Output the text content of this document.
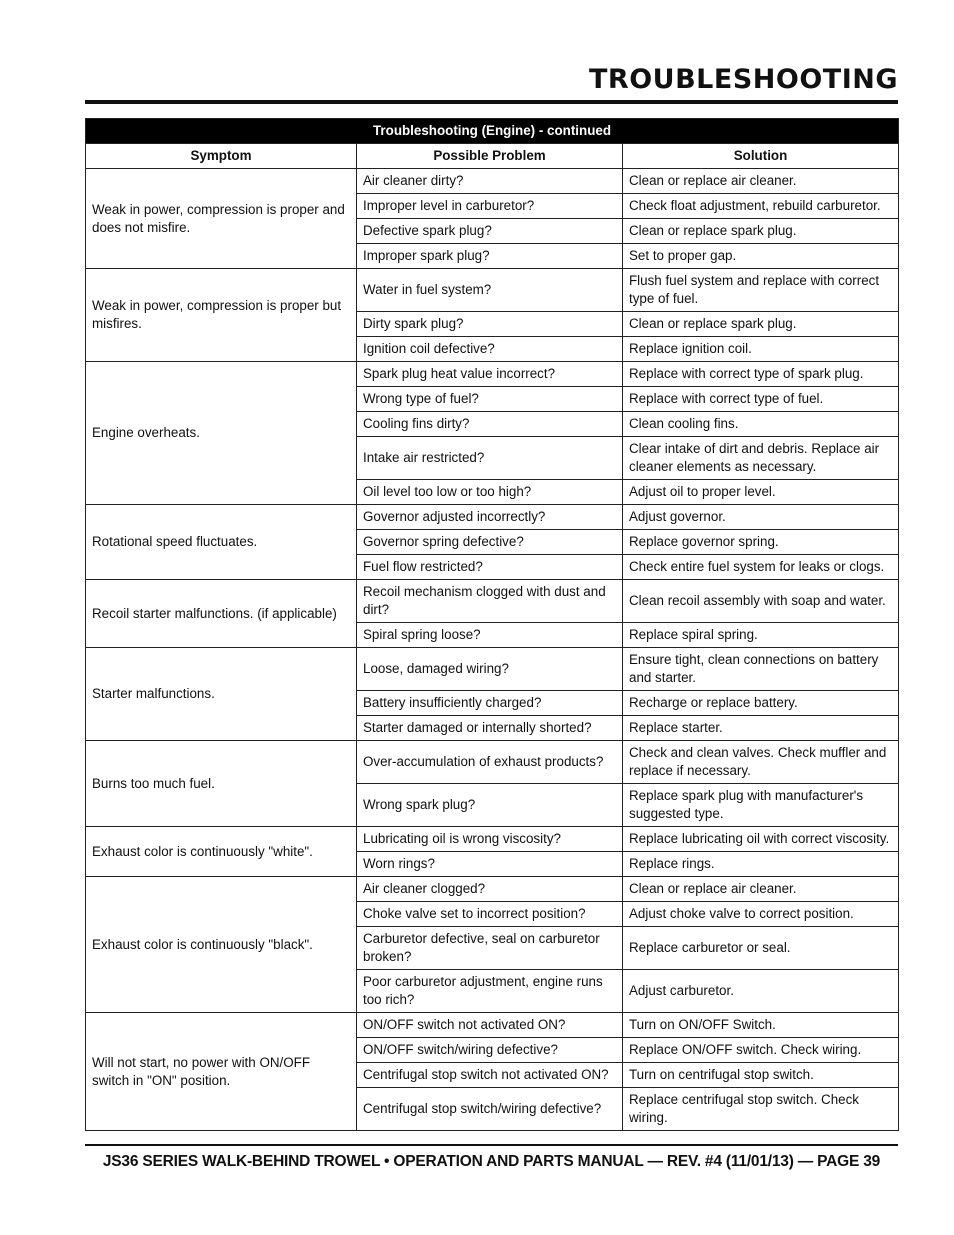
TROUBLESHOOTING
Troubleshooting (Engine) - continued		
Symptom	Possible Problem	Solution
Weak in power, compression is proper and does not misfire.	Air cleaner dirty?	Clean or replace air cleaner.
	Improper level in carburetor?	Check float adjustment, rebuild carburetor.
	Defective spark plug?	Clean or replace spark plug.
	Improper spark plug?	Set to proper gap.
Weak in power, compression is proper but misfires.	Water in fuel system?	Flush fuel system and replace with correct type of fuel.
	Dirty spark plug?	Clean or replace spark plug.
	Ignition coil defective?	Replace ignition coil.
Engine overheats.	Spark plug heat value incorrect?	Replace with correct type of spark plug.
	Wrong type of fuel?	Replace with correct type of fuel.
	Cooling fins dirty?	Clean cooling fins.
	Intake air restricted?	Clear intake of dirt and debris. Replace air cleaner elements as necessary.
	Oil level too low or too high?	Adjust oil to proper level.
Rotational speed fluctuates.	Governor adjusted incorrectly?	Adjust governor.
	Governor spring defective?	Replace governor spring.
	Fuel flow restricted?	Check entire fuel system for leaks or clogs.
Recoil starter malfunctions. (if applicable)	Recoil mechanism clogged with dust and dirt?	Clean recoil assembly with soap and water.
	Spiral spring loose?	Replace spiral spring.
Starter malfunctions.	Loose, damaged wiring?	Ensure tight, clean connections on battery and starter.
	Battery insufficiently charged?	Recharge or replace battery.
	Starter damaged or internally shorted?	Replace starter.
Burns too much fuel.	Over-accumulation of exhaust products?	Check and clean valves. Check muffler and replace if necessary.
	Wrong spark plug?	Replace spark plug with manufacturer's suggested type.
Exhaust color is continuously "white".	Lubricating oil is wrong viscosity?	Replace lubricating oil with correct viscosity.
	Worn rings?	Replace rings.
Exhaust color is continuously "black".	Air cleaner clogged?	Clean or replace air cleaner.
	Choke valve set to incorrect position?	Adjust choke valve to correct position.
	Carburetor defective, seal on carburetor broken?	Replace carburetor or seal.
	Poor carburetor adjustment, engine runs too rich?	Adjust carburetor.
Will not start, no power with ON/OFF switch in "ON" position.	ON/OFF switch not activated ON?	Turn on ON/OFF Switch.
	ON/OFF switch/wiring defective?	Replace ON/OFF switch. Check wiring.
	Centrifugal stop switch not activated ON?	Turn on centrifugal stop switch.
	Centrifugal stop switch/wiring defective?	Replace centrifugal stop switch. Check wiring.
JS36 SERIES WALK-BEHIND TROWEL • OPERATION AND PARTS MANUAL — REV. #4 (11/01/13) — PAGE 39
